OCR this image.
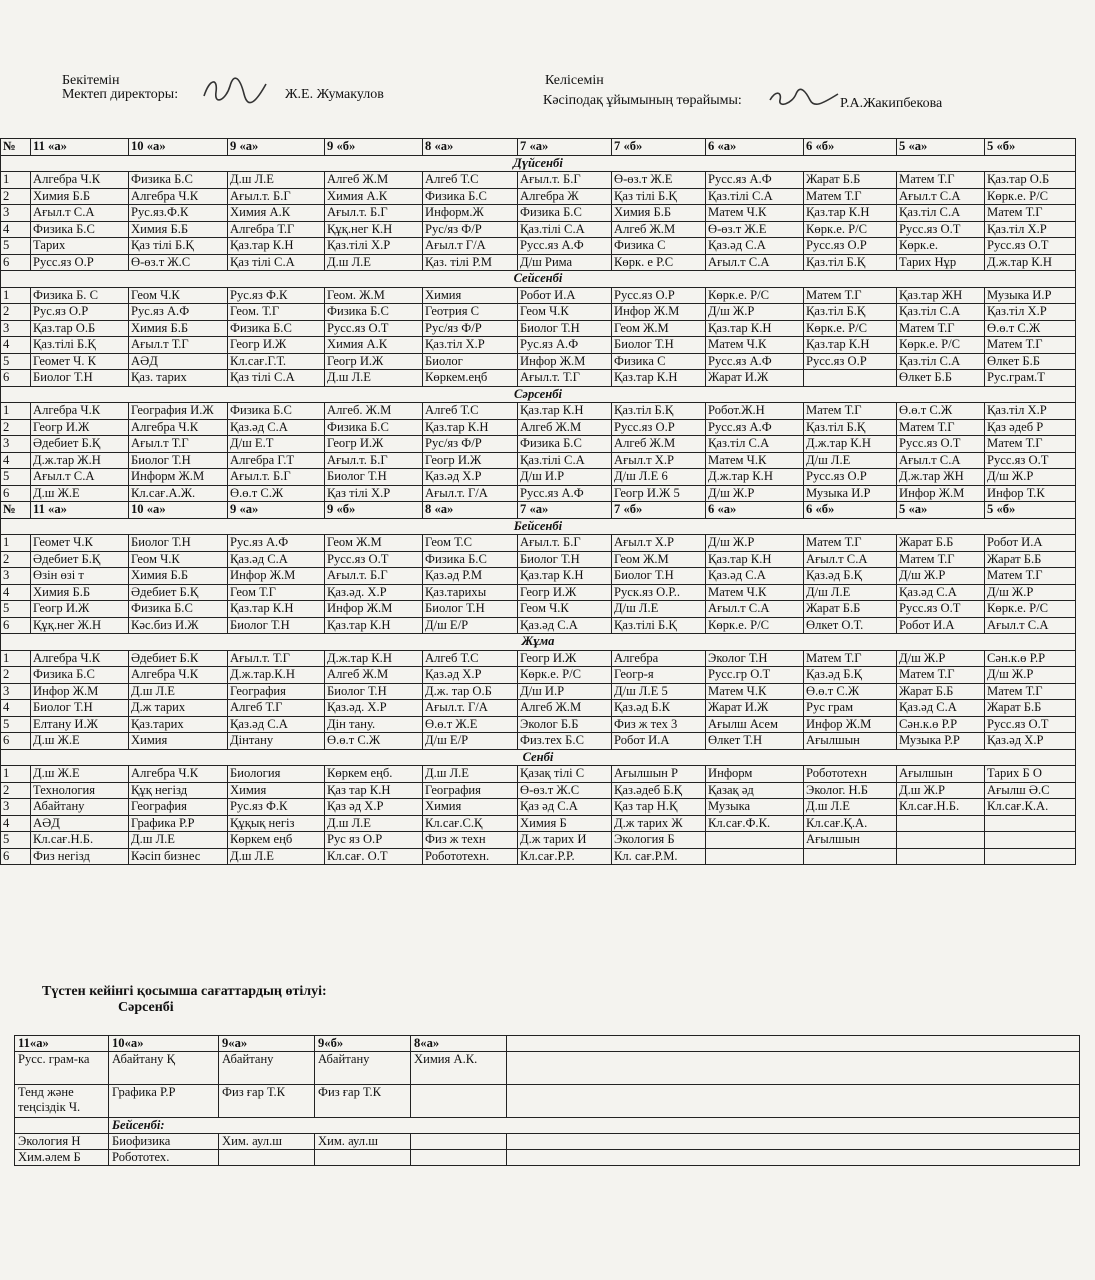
Бекітемін
Мектеп директоры:	Ж.Е. Жумакулов
Келісемін
Кәсіподақ ұйымының төрайымы:	Р.А.Жакипбекова
№	11 «а»	10 «а»	9 «а»	9 «б»	8 «а»	7 «а»	7 «б»	6 «а»	6 «б»	5 «а»	5 «б»
Дүйсенбі											
1	Алгебра Ч.К	Физика Б.С	Д.ш Л.Е	Алгеб Ж.М	Алгеб Т.С	Ағыл.т. Б.Г	Ө-өз.т Ж.Е	Русс.яз А.Ф	Жарат Б.Б	Матем Т.Г	Қаз.тар О.Б
2	Химия Б.Б	Алгебра Ч.К	Ағыл.т. Б.Г	Химия А.К	Физика Б.С	Алгебра Ж	Қаз тілі Б.Қ	Қаз.тілі С.А	Матем Т.Г	Ағыл.т С.А	Көрк.е. Р/С
3	Ағыл.т С.А	Рус.яз.Ф.К	Химия А.К	Ағыл.т. Б.Г	Информ.Ж	Физика Б.С	Химия Б.Б	Матем Ч.К	Қаз.тар К.Н	Қаз.тіл С.А	Матем Т.Г
4	Физика Б.С	Химия Б.Б	Алгебра Т.Г	Құқ.нег К.Н	Рус/яз Ф/Р	Қаз.тілі С.А	Алгеб Ж.М	Ө-өз.т Ж.Е	Көрк.е. Р/С	Русс.яз О.Т	Қаз.тіл Х.Р
5	Тарих	Қаз тілі Б.Қ	Қаз.тар К.Н	Қаз.тілі Х.Р	Ағыл.т Г/А	Русс.яз А.Ф	Физика С	Қаз.әд С.А	Русс.яз О.Р	Көрк.е.	Русс.яз О.Т
6	Русс.яз О.Р	Ө-өз.т Ж.С	Қаз тілі С.А	Д.ш Л.Е	Қаз. тілі Р.М	Д/ш Рима	Көрк. е Р.С	Ағыл.т С.А	Қаз.тіл Б.Қ	Тарих Нұр	Д.ж.тар К.Н
Сейсенбі											
1	Физика Б. С	Геом Ч.К	Рус.яз Ф.К	Геом. Ж.М	Химия	Робот И.А	Русс.яз О.Р	Көрк.е. Р/С	Матем Т.Г	Қаз.тар ЖН	Музыка И.Р
2	Рус.яз О.Р	Рус.яз А.Ф	Геом. Т.Г	Физика Б.С	Геотрия С	Геом Ч.К	Инфор Ж.М	Д/ш Ж.Р	Қаз.тіл Б.Қ	Қаз.тіл С.А	Қаз.тіл Х.Р
3	Қаз.тар О.Б	Химия Б.Б	Физика Б.С	Русс.яз О.Т	Рус/яз Ф/Р	Биолог Т.Н	Геом Ж.М	Қаз.тар К.Н	Көрк.е. Р/С	Матем Т.Г	Ө.ө.т С.Ж
4	Қаз.тілі Б.Қ	Ағыл.т Т.Г	Геогр И.Ж	Химия А.К	Қаз.тіл Х.Р	Рус.яз А.Ф	Биолог Т.Н	Матем Ч.К	Қаз.тар К.Н	Көрк.е. Р/С	Матем Т.Г
5	Геомет Ч. К	АӘД	Кл.сағ.Г.Т.	Геогр И.Ж	Биолог	Инфор Ж.М	Физика С	Русс.яз А.Ф	Русс.яз О.Р	Қаз.тіл С.А	Өлкет Б.Б
6	Биолог Т.Н	Қаз. тарих	Қаз тілі С.А	Д.ш Л.Е	Көркем.еңб	Ағыл.т. Т.Г	Қаз.тар К.Н	Жарат И.Ж		Өлкет Б.Б	Рус.грам.Т
Сәрсенбі											
1	Алгебра Ч.К	География И.Ж	Физика Б.С	Алгеб. Ж.М	Алгеб Т.С	Қаз.тар К.Н	Қаз.тіл Б.Қ	Робот.Ж.Н	Матем Т.Г	Ө.ө.т С.Ж	Қаз.тіл Х.Р
2	Геогр И.Ж	Алгебра Ч.К	Қаз.әд С.А	Физика Б.С	Қаз.тар К.Н	Алгеб Ж.М	Русс.яз О.Р	Русс.яз А.Ф	Қаз.тіл Б.Қ	Матем Т.Г	Қаз әдеб Р
3	Әдебиет Б.Қ	Ағыл.т Т.Г	Д/ш Е.Т	Геогр И.Ж	Рус/яз Ф/Р	Физика Б.С	Алгеб Ж.М	Қаз.тіл С.А	Д.ж.тар К.Н	Русс.яз О.Т	Матем Т.Г
4	Д.ж.тар Ж.Н	Биолог Т.Н	Алгебра Г.Т	Ағыл.т. Б.Г	Геогр И.Ж	Қаз.тілі С.А	Ағыл.т Х.Р	Матем Ч.К	Д/ш Л.Е	Ағыл.т С.А	Русс.яз О.Т
5	Ағыл.т С.А	Информ Ж.М	Ағыл.т. Б.Г	Биолог Т.Н	Қаз.әд Х.Р	Д/ш И.Р	Д/ш Л.Е 6	Д.ж.тар К.Н	Русс.яз О.Р	Д.ж.тар ЖН	Д/ш Ж.Р
6	Д.ш Ж.Е	Кл.сағ.А.Ж.	Ө.ө.т С.Ж	Қаз тілі Х.Р	Ағыл.т. Г/А	Русс.яз А.Ф	Геогр И.Ж 5	Д/ш Ж.Р	Музыка И.Р	Инфор Ж.М	Инфор Т.К
№	11 «а»	10 «а»	9 «а»	9 «б»	8 «а»	7 «а»	7 «б»	6 «а»	6 «б»	5 «а»	5 «б»
Бейсенбі											
1	Геомет Ч.К	Биолог Т.Н	Рус.яз А.Ф	Геом Ж.М	Геом Т.С	Ағыл.т. Б.Г	Ағыл.т Х.Р	Д/ш Ж.Р	Матем Т.Г	Жарат Б.Б	Робот И.А
2	Әдебиет Б.Қ	Геом Ч.К	Қаз.әд С.А	Русс.яз О.Т	Физика Б.С	Биолог Т.Н	Геом Ж.М	Қаз.тар К.Н	Ағыл.т С.А	Матем Т.Г	Жарат Б.Б
3	Өзін өзі т	Химия Б.Б	Инфор Ж.М	Ағыл.т. Б.Г	Қаз.әд Р.М	Қаз.тар К.Н	Биолог Т.Н	Қаз.әд С.А	Қаз.әд Б.Қ	Д/ш Ж.Р	Матем Т.Г
4	Химия Б.Б	Әдебиет Б.Қ	Геом Т.Г	Қаз.әд. Х.Р	Қаз.тарихы	Геогр И.Ж	Руск.яз О.Р..	Матем Ч.К	Д/ш Л.Е	Қаз.әд С.А	Д/ш Ж.Р
5	Геогр И.Ж	Физика Б.С	Қаз.тар К.Н	Инфор Ж.М	Биолог Т.Н	Геом Ч.К	Д/ш Л.Е	Ағыл.т С.А	Жарат Б.Б	Русс.яз О.Т	Көрк.е. Р/С
6	Құқ.нег Ж.Н	Кәс.биз И.Ж	Биолог Т.Н	Қаз.тар К.Н	Д/ш Е/Р	Қаз.әд С.А	Қаз.тілі Б.Қ	Көрк.е. Р/С	Өлкет О.Т.	Робот И.А	Ағыл.т С.А
Жұма											
1	Алгебра Ч.К	Әдебиет Б.К	Ағыл.т. Т.Г	Д.ж.тар К.Н	Алгеб Т.С	Геогр И.Ж	Алгебра	Эколог Т.Н	Матем Т.Г	Д/ш Ж.Р	Сән.к.ө Р.Р
2	Физика Б.С	Алгебра Ч.К	Д.ж.тар.К.Н	Алгеб Ж.М	Қаз.әд Х.Р	Көрк.е. Р/С	Геогр-я	Русс.гр О.Т	Қаз.әд Б.Қ	Матем Т.Г	Д/ш Ж.Р
3	Инфор Ж.М	Д.ш Л.Е	География	Биолог Т.Н	Д.ж. тар О.Б	Д/ш И.Р	Д/ш Л.Е 5	Матем Ч.К	Ө.ө.т С.Ж	Жарат Б.Б	Матем Т.Г
4	Биолог Т.Н	Д.ж тарих	Алгеб Т.Г	Қаз.әд. Х.Р	Ағыл.т. Г/А	Алгеб Ж.М	Қаз.әд Б.К	Жарат И.Ж	Рус грам	Қаз.әд С.А	Жарат Б.Б
5	Елтану И.Ж	Қаз.тарих	Қаз.әд С.А	Дін тану.	Ө.ө.т Ж.Е	Эколог Б.Б	Физ ж тех 3	Ағылш Асем	Инфор Ж.М	Сән.к.ө Р.Р	Русс.яз О.Т
6	Д.ш Ж.Е	Химия	Дінтану	Ө.ө.т С.Ж	Д/ш Е/Р	Физ.тех Б.С	Робот И.А	Өлкет Т.Н	Ағылшын	Музыка Р.Р	Қаз.әд Х.Р
Сенбі											
1	Д.ш Ж.Е	Алгебра Ч.К	Биология	Көркем еңб.	Д.ш Л.Е	Қазақ тілі С	Ағылшын Р	Информ	Робототехн	Ағылшын	Тарих Б О
2	Технология	Құқ негізд	Химия	Қаз тар К.Н	География	Ө-өз.т Ж.С	Қаз.әдеб Б.Қ	Қазақ әд	Эколог. Н.Б	Д.ш Ж.Р	Ағылш Ә.С
3	Абайтану	География	Рус.яз Ф.К	Қаз әд Х.Р	Химия	Қаз әд С.А	Қаз тар Н.Қ	Музыка	Д.ш Л.Е	Кл.сағ.Н.Б.	Кл.сағ.К.А.
4	АӘД	Графика Р.Р	Құқық негіз	Д.ш Л.Е	Кл.сағ.С.Қ	Химия Б	Д.ж тарих Ж	Кл.сағ.Ф.К.	Кл.сағ.Қ.А.		
5	Кл.сағ.Н.Б.	Д.ш Л.Е	Көркем еңб	Рус яз О.Р	Физ ж техн	Д.ж тарих И	Экология Б		Ағылшын		
6	Физ негізд	Кәсіп бизнес	Д.ш Л.Е	Кл.сағ. О.Т	Робототехн.	Кл.сағ.Р.Р.	Кл. сағ.Р.М.				
Түстен кейінгі қосымша сағаттардың өтілуі:
Сәрсенбі
11«а»	10«а»	9«а»	9«б»	8«а»	
Русс. грам-ка	Абайтану Қ	Абайтану	Абайтану	Химия А.К.	
Тенд және теңсіздік Ч.	Графика Р.Р	Физ ғар Т.К	Физ ғар Т.К		
	Бейсенбі:				
Экология Н	Биофизика	Хим. аул.ш	Хим. аул.ш		
Хим.әлем Б	Робототех.				
